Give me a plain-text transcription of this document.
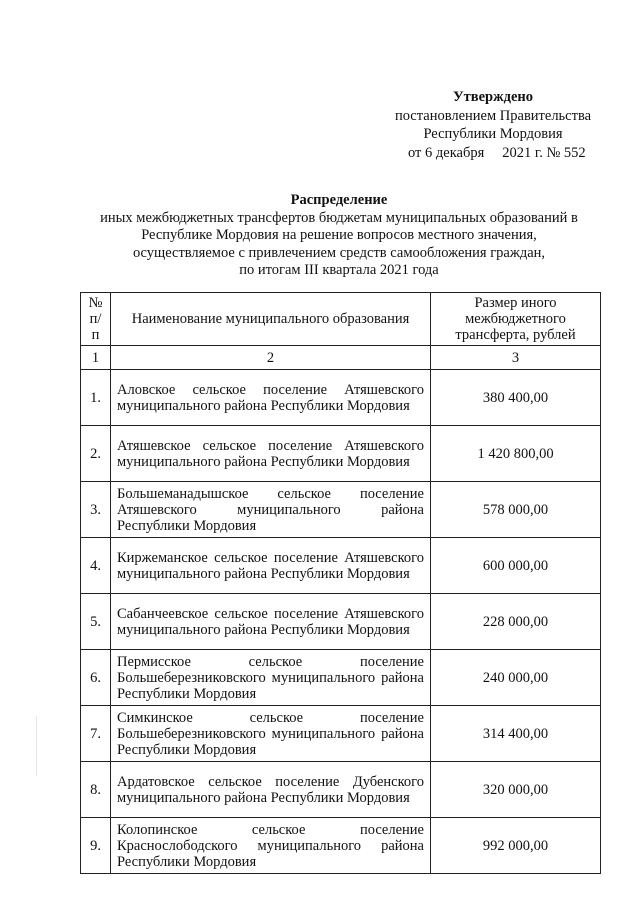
Утверждено
постановлением Правительства
Республики Мордовия
от 6 декабря 2021 г. № 552
Распределение
иных межбюджетных трансфертов бюджетам муниципальных образований в
Республике Мордовия на решение вопросов местного значения,
осуществляемое с привлечением средств самообложения граждан,
по итогам III квартала 2021 года
№
п/п	Наименование муниципального образования	Размер иного
межбюджетного
трансферта, рублей
1	2	3
1.	Аловское сельское поселение Атяшевского
муниципального района Республики Мордовия	380 400,00
2.	Атяшевское сельское поселение Атяшевского
муниципального района Республики Мордовия	1 420 800,00
3.	Большеманадышское сельское поселение
Атяшевского муниципального района
Республики Мордовия	578 000,00
4.	Киржеманское сельское поселение Атяшевского
муниципального района Республики Мордовия	600 000,00
5.	Сабанчеевское сельское поселение Атяшевского
муниципального района Республики Мордовия	228 000,00
6.	Пермисское сельское поселение
Большеберезниковского муниципального района
Республики Мордовия	240 000,00
7.	Симкинское сельское поселение
Большеберезниковского муниципального района
Республики Мордовия	314 400,00
8.	Ардатовское сельское поселение Дубенского
муниципального района Республики Мордовия	320 000,00
9.	Колопинское сельское поселение
Краснослободского муниципального района
Республики Мордовия	992 000,00
